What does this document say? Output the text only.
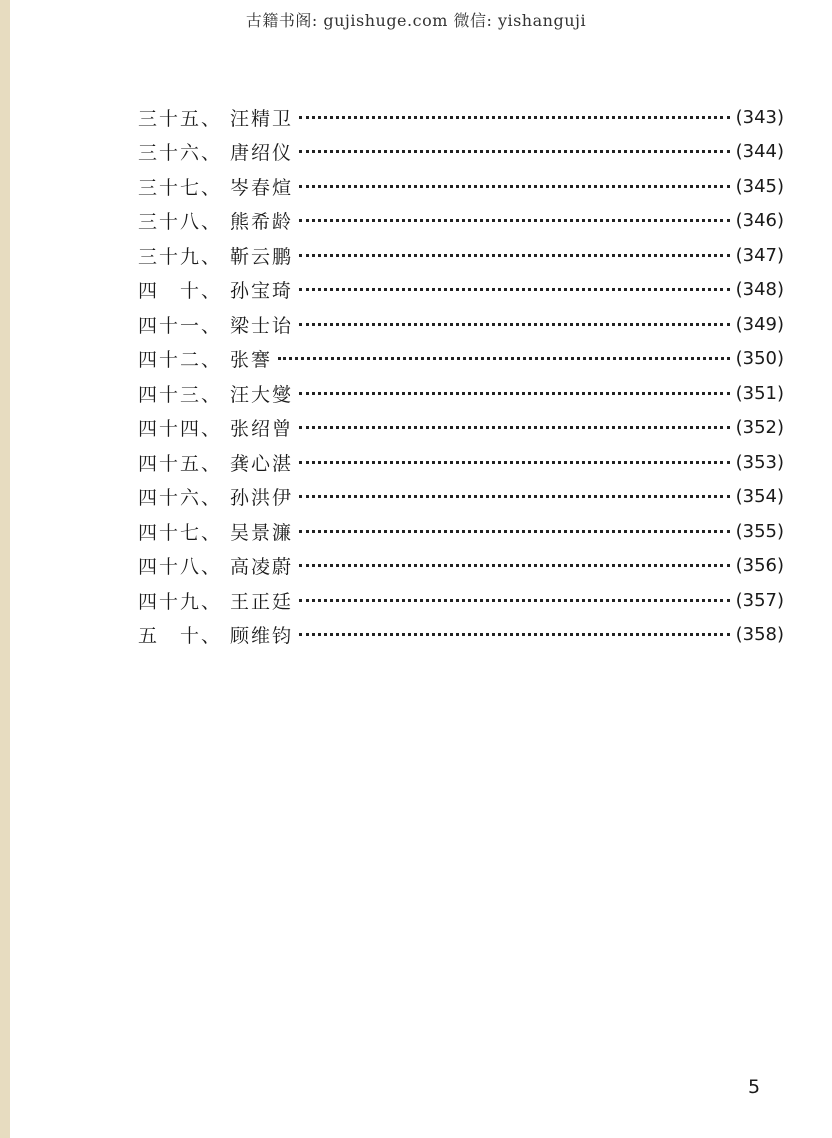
古籍书阁: gujishuge.com 微信: yishanguji
三十五、 汪精卫	(343)
三十六、 唐绍仪	(344)
三十七、 岑春煊	(345)
三十八、 熊希龄	(346)
三十九、 靳云鹏	(347)
四　十、 孙宝琦	(348)
四十一、 梁士诒	(349)
四十二、 张謇	(350)
四十三、 汪大燮	(351)
四十四、 张绍曾	(352)
四十五、 龚心湛	(353)
四十六、 孙洪伊	(354)
四十七、 吴景濂	(355)
四十八、 高凌蔚	(356)
四十九、 王正廷	(357)
五　十、 顾维钧	(358)
5
